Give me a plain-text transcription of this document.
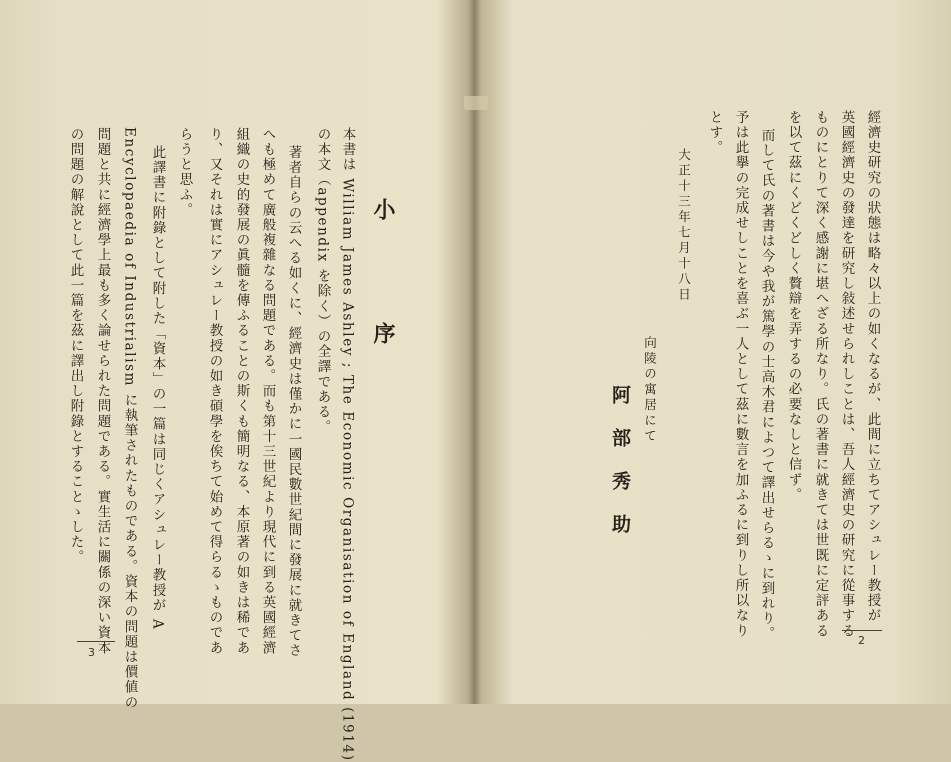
小　序
本書は William James Ashley ; The Economic Organisation of England (1914)
の本文（appendix を除く）の全譯である。
著者自らの云へる如くに、經濟史は僅かに一國民數世紀間に發展に就きてさ
へも極めて廣般複雜なる問題である。而も第十三世紀より現代に到る英國經濟
組織の史的發展の眞髓を傳ふることの斯くも簡明なる、本原著の如きは稀であ
り、又それは實にアシュレー教授の如き碩學を俟ちて始めて得らるゝものであ
らうと思ふ。
此譯書に附錄として附した「資本」の一篇は同じくアシュレー教授が A
Encyclopaedia of Industrialism に執筆されたものである。資本の問題は價値の
問題と共に經濟學上最も多く論せられた問題である。實生活に關係の深い資本
の問題の解說として此一篇を茲に譯出し附錄とすることゝした。
3
經濟史研究の狀態は略々以上の如くなるが、此間に立ちてアシュレー教授が
英國經濟史の發達を研究し敍述せられしことは、吾人經濟史の研究に從事する
ものにとりて深く感謝に堪へざる所なり。氏の著書に就きては世既に定評ある
を以て茲にくどくどしく贅辯を弄するの必要なしと信ず。
而して氏の著書は今や我が篤學の士高木君によつて譯出せらるゝに到れり。
予は此擧の完成せしことを喜ぶ一人として茲に數言を加ふるに到りし所以なり
とす。
大正十三年七月十八日
向陵の寓居にて
阿部秀助
2
